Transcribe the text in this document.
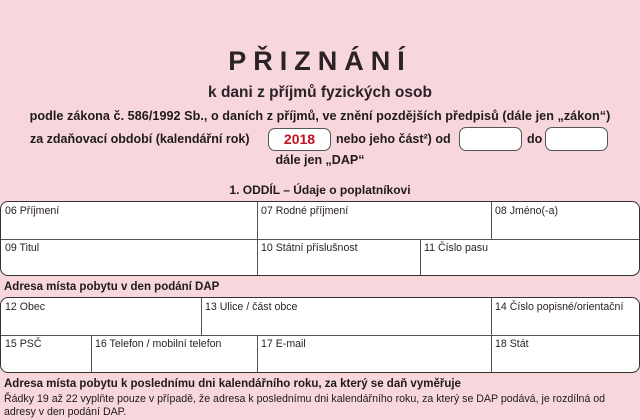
PŘIZNÁNÍ
k dani z příjmů fyzických osob
podle zákona č. 586/1992 Sb., o daních z příjmů, ve znění pozdějších předpisů (dále jen „zákon“)
za zdaňovací období (kalendářní rok)	2018	nebo jeho část²) od	do
dále jen „DAP“
1. ODDÍL – Údaje o poplatníkovi
06 Příjmení	07 Rodné příjmení	08 Jméno(-a)
09 Titul	10 Státní příslušnost	11 Číslo pasu
Adresa místa pobytu v den podání DAP
12 Obec	13 Ulice / část obce	14 Číslo popisné/orientační
15 PSČ	16 Telefon / mobilní telefon	17 E-mail	18 Stát
Adresa místa pobytu k poslednímu dni kalendářního roku, za který se daň vyměřuje
Řádky 19 až 22 vyplňte pouze v případě, že adresa k poslednímu dni kalendářního roku, za který se DAP podává, je rozdílná od adresy v den podání DAP.
